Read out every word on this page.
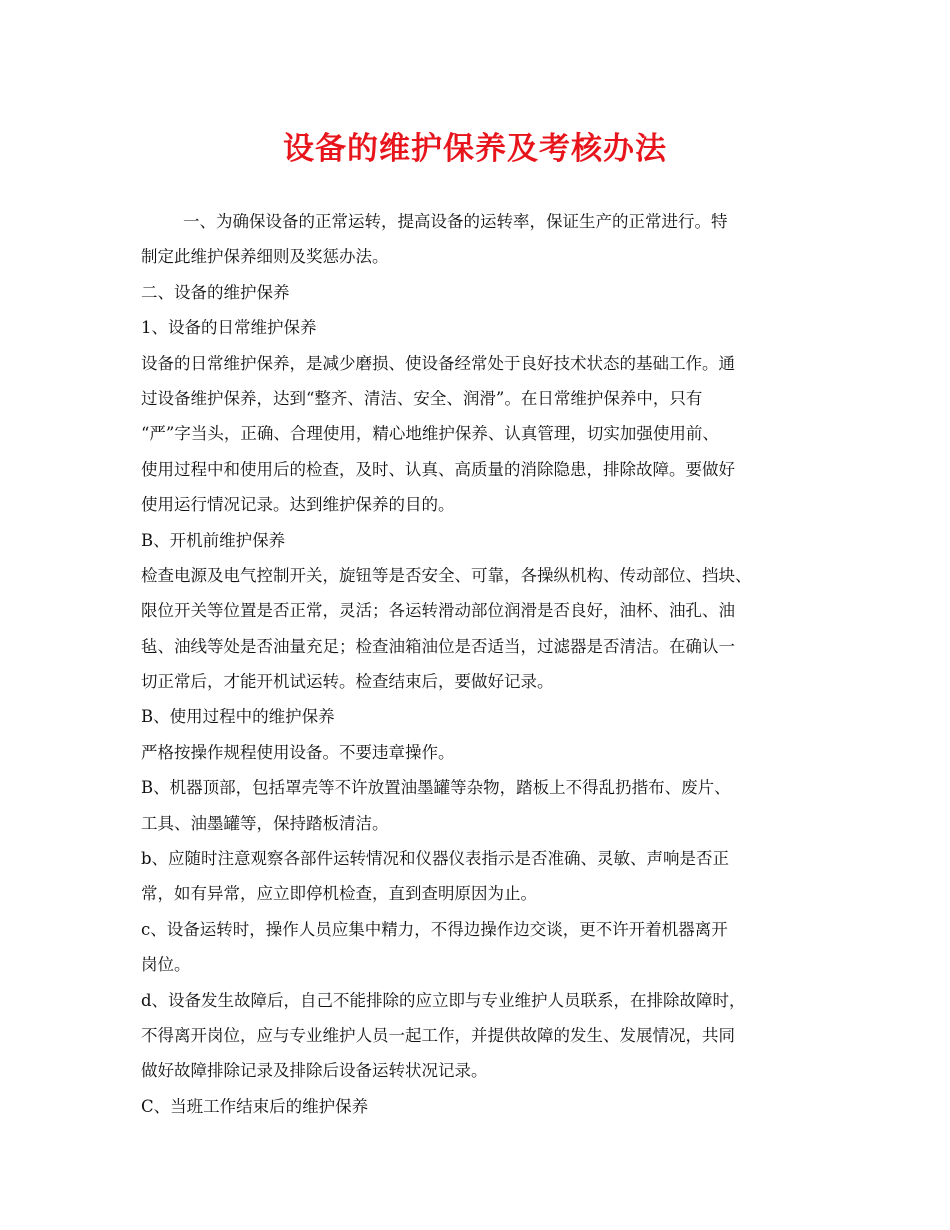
设备的维护保养及考核办法
一、为确保设备的正常运转，提高设备的运转率，保证生产的正常进行。特
制定此维护保养细则及奖惩办法。
二、设备的维护保养
1、设备的日常维护保养
设备的日常维护保养，是减少磨损、使设备经常处于良好技术状态的基础工作。通
过设备维护保养，达到“整齐、清洁、安全、润滑”。在日常维护保养中，只有
“严”字当头，正确、合理使用，精心地维护保养、认真管理，切实加强使用前、
使用过程中和使用后的检查，及时、认真、高质量的消除隐患，排除故障。要做好
使用运行情况记录。达到维护保养的目的。
B、开机前维护保养
检查电源及电气控制开关，旋钮等是否安全、可靠，各操纵机构、传动部位、挡块、
限位开关等位置是否正常，灵活；各运转滑动部位润滑是否良好，油杯、油孔、油
毡、油线等处是否油量充足；检查油箱油位是否适当，过滤器是否清洁。在确认一
切正常后，才能开机试运转。检查结束后，要做好记录。
B、使用过程中的维护保养
严格按操作规程使用设备。不要违章操作。
B、机器顶部，包括罩壳等不许放置油墨罐等杂物，踏板上不得乱扔揩布、废片、
工具、油墨罐等，保持踏板清洁。
b、应随时注意观察各部件运转情况和仪器仪表指示是否准确、灵敏、声响是否正
常，如有异常，应立即停机检查，直到查明原因为止。
c、设备运转时，操作人员应集中精力，不得边操作边交谈，更不许开着机器离开
岗位。
d、设备发生故障后，自己不能排除的应立即与专业维护人员联系，在排除故障时，
不得离开岗位，应与专业维护人员一起工作，并提供故障的发生、发展情况，共同
做好故障排除记录及排除后设备运转状况记录。
C、当班工作结束后的维护保养
